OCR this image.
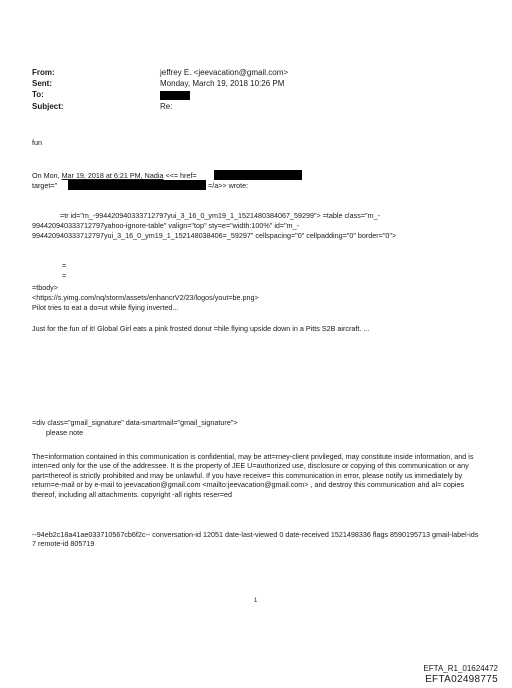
From:	jeffrey E. <jeevacation@gmail.com>
Sent:	Monday, March 19, 2018 10:26 PM
To:
Subject:	Re:
fun
On Mon, Mar 19, 2018 at 6:21 PM, Nadia <<= href=
target="	=/a>> wrote:
=tr id="m_-994420940333712797yui_3_16_0_ym19_1_1521480384067_59299"> =table class="m_-
994420940333712797yahoo-ignore-table" valign="top" sty=e="width:100%" id="m_-
994420940333712797yui_3_16_0_ym19_1_152148038406=_59297" cellspacing="0" cellpadding="0" border="0">
=
=
=tbody>
<https://s.yimg.com/nq/storm/assets/enhancrV2/23/logos/yout=be.png>
Pilot tries to eat a do=ut while flying inverted...
Just for the fun of it! Global Girl eats a pink frosted donut =hile flying upside down in a Pitts S2B aircraft. ...
=div class="gmail_signature" data-smartmail="gmail_signature">
please note
The=information contained in this communication is confidential, may be att=rney-client privileged, may constitute inside information, and is inten=ed only for the use of the addressee. It is the property of JEE U=authorized use, disclosure or copying of this communication or any part=thereof is strictly prohibited and may be unlawful. If you have receive= this communication in error, please notify us immediately by return=e-mail or by e-mail to jeevacation@gmail.com <mailto:jeevacation@gmail.com> , and destroy this communication and al= copies thereof, including all attachments. copyright -all rights reser=ed
--94eb2c18a41ae033710567cb6f2c-- conversation-id 12051 date-last-viewed 0 date-received 1521498336 flags 8590195713 gmail-label-ids 7 remote-id 805719
1
EFTA_R1_01624472
EFTA02498775
